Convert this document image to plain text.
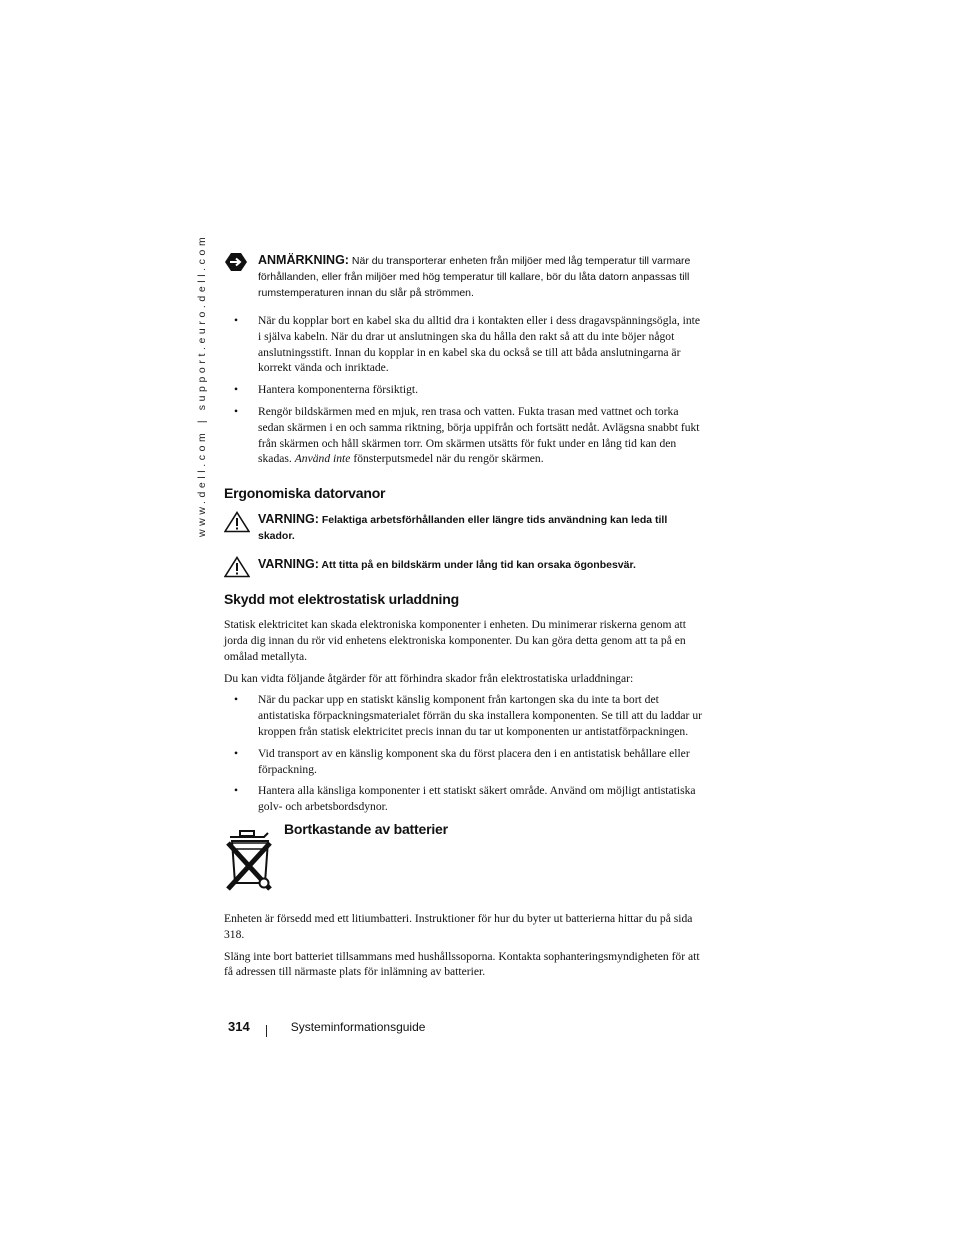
www.dell.com | support.euro.dell.com	ANMÄRKNING: När du transporterar enheten från miljöer med låg temperatur till varmare förhållanden, eller från miljöer med hög temperatur till kallare, bör du låta datorn anpassas till rumstemperaturen innan du slår på strömmen.
• När du kopplar bort en kabel ska du alltid dra i kontakten eller i dess dragavspänningsögla, inte i själva kabeln. När du drar ut anslutningen ska du hålla den rakt så att du inte böjer något anslutningsstift. Innan du kopplar in en kabel ska du också se till att båda anslutningarna är korrekt vända och inriktade.
• Hantera komponenterna försiktigt.
• Rengör bildskärmen med en mjuk, ren trasa och vatten. Fukta trasan med vattnet och torka sedan skärmen i en och samma riktning, börja uppifrån och fortsätt nedåt. Avlägsna snabbt fukt från skärmen och håll skärmen torr. Om skärmen utsätts för fukt under en lång tid kan den skadas. Använd inte fönsterputsmedel när du rengör skärmen.
Ergonomiska datorvanor
VARNING: Felaktiga arbetsförhållanden eller längre tids användning kan leda till skador.
VARNING: Att titta på en bildskärm under lång tid kan orsaka ögonbesvär.
Skydd mot elektrostatisk urladdning

Statisk elektricitet kan skada elektroniska komponenter i enheten. Du minimerar riskerna genom att jorda dig innan du rör vid enhetens elektroniska komponenter. Du kan göra detta genom att ta på en omålad metallyta.

Du kan vidta följande åtgärder för att förhindra skador från elektrostatiska urladdningar:

• När du packar upp en statiskt känslig komponent från kartongen ska du inte ta bort det antistatiska förpackningsmaterialet förrän du ska installera komponenten. Se till att du laddar ur kroppen från statisk elektricitet precis innan du tar ut komponenten ur antistatförpackningen.
• Vid transport av en känslig komponent ska du först placera den i en antistatisk behållare eller förpackning.
• Hantera alla känsliga komponenter i ett statiskt säkert område. Använd om möjligt antistatiska golv- och arbetsbordsdynor.
Bortkastande av batterier

Enheten är försedd med ett litiumbatteri. Instruktioner för hur du byter ut batterierna hittar du på sida 318.

Släng inte bort batteriet tillsammans med hushållssoporna. Kontakta sophanteringsmyndigheten för att få adressen till närmaste plats för inlämning av batterier.

314	Systeminformationsguide
